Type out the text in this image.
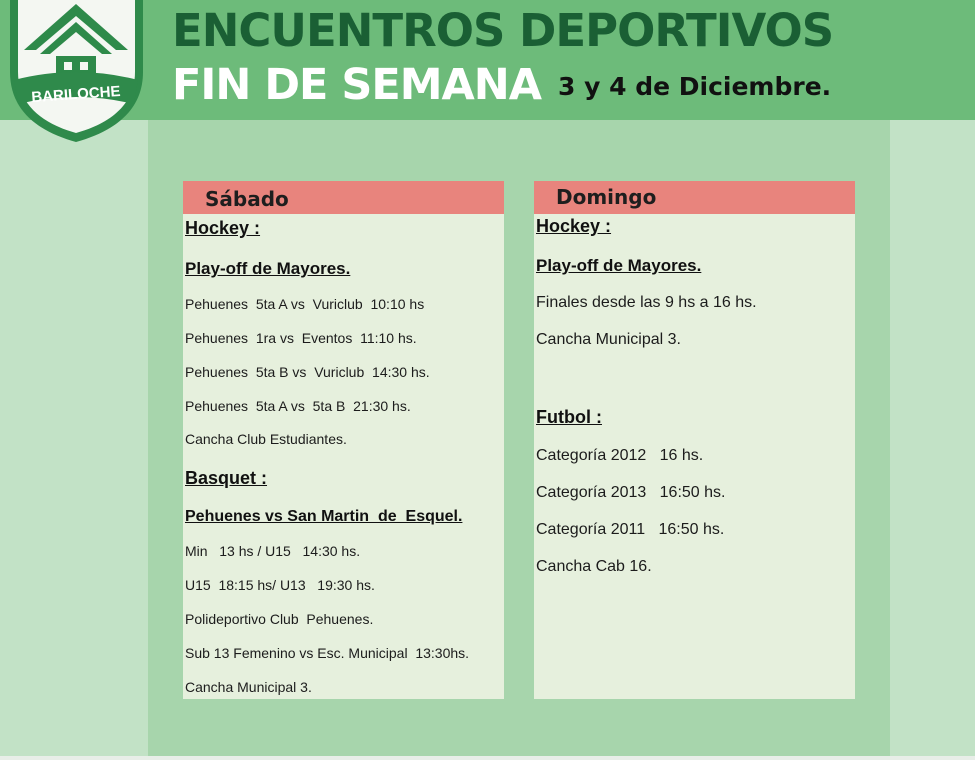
BARILOCHE
ENCUENTROS DEPORTIVOS
FIN DE SEMANA 3 y 4 de Diciembre.
Sábado
Hockey :
Play-off de Mayores.
Pehuenes  5ta A vs  Vuriclub  10:10 hs
Pehuenes  1ra vs  Eventos  11:10 hs.
Pehuenes  5ta B vs  Vuriclub  14:30 hs.
Pehuenes  5ta A vs  5ta B  21:30 hs.
Cancha Club Estudiantes.
Basquet :
Pehuenes vs San Martin  de  Esquel.
Min   13 hs / U15   14:30 hs.
U15  18:15 hs/ U13   19:30 hs.
Polideportivo Club  Pehuenes.
Sub 13 Femenino vs Esc. Municipal  13:30hs.
Cancha Municipal 3.
Domingo
Hockey :
Play-off de Mayores.
Finales desde las 9 hs a 16 hs.
Cancha Municipal 3.
Futbol :
Categoría 2012   16 hs.
Categoría 2013   16:50 hs.
Categoría 2011   16:50 hs.
Cancha Cab 16.
